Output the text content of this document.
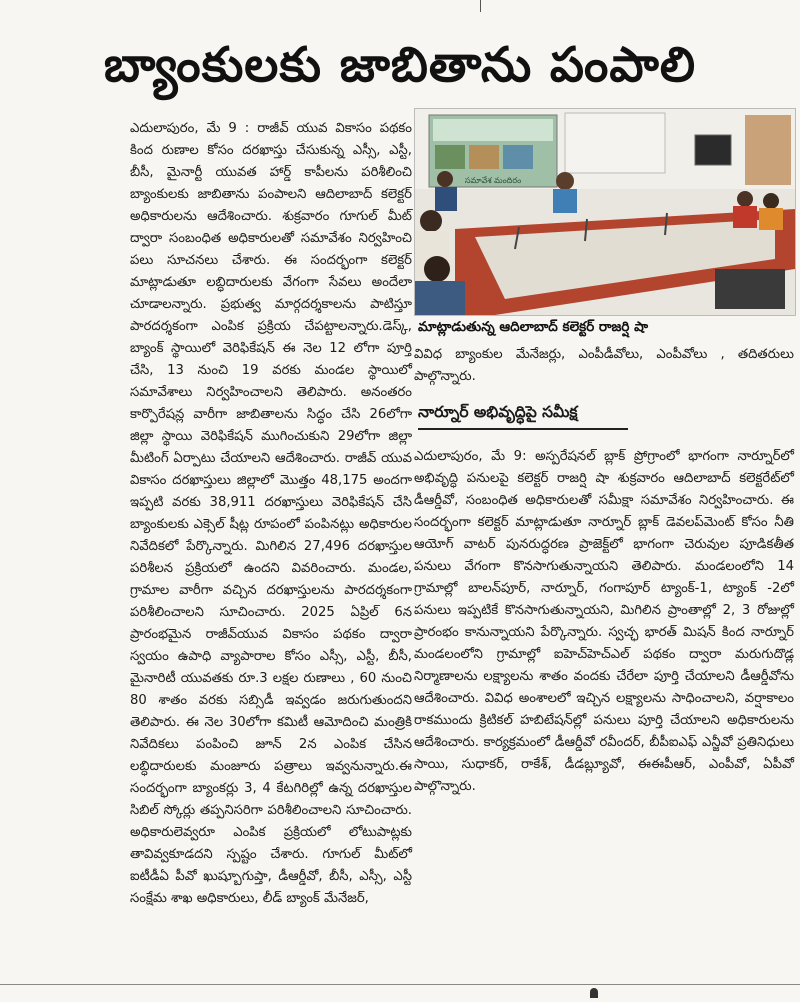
బ్యాంకులకు జాబితాను పంపాలి

ఎదులాపురం, మే 9 : రాజీవ్ యువ వికాసం పథకం కింద రుణాల కోసం దరఖాస్తు చేసుకున్న ఎస్సీ, ఎస్టీ, బీసీ, మైనార్టీ యువత హార్డ్ కాపీలను పరిశీలించి బ్యాంకులకు జాబితాను పంపాలని ఆదిలాబాద్ కలెక్టర్ అధికారులను ఆదేశించారు. శుక్రవారం గూగుల్ మీట్ ద్వారా సంబంధిత అధికారులతో సమావేశం నిర్వహించి పలు సూచనలు చేశారు. ఈ సందర్భంగా కలెక్టర్ మాట్లాడుతూ లబ్ధిదారులకు వేగంగా సేవలు అందేలా చూడాలన్నారు. ప్రభుత్వ మార్గదర్శకాలను పాటిస్తూ పారదర్శకంగా ఎంపిక ప్రక్రియ చేపట్టాలన్నారు.డెస్క్, బ్యాంక్ స్థాయిలో వెరిఫికేషన్ ఈ నెల 12 లోగా పూర్తి చేసి, 13 నుంచి 19 వరకు మండల స్థాయిలో సమావేశాలు నిర్వహించాలని తెలిపారు. అనంతరం కార్పొరేషన్ల వారీగా జాబితాలను సిద్ధం చేసి 26లోగా జిల్లా స్థాయి వెరిఫికేషన్ ముగించుకుని 29లోగా జిల్లా మీటింగ్ ఏర్పాటు చేయాలని ఆదేశించారు. రాజీవ్ యువ వికాసం దరఖాస్తులు జిల్లాలో మొత్తం 48,175 అందగా ఇప్పటి వరకు 38,911 దరఖాస్తులు వెరిఫికేషన్ చేసి బ్యాంకులకు ఎక్సెల్ షీట్ల రూపంలో పంపినట్లు అధికారుల నివేదికలో పేర్కొన్నారు. మిగిలిన 27,496 దరఖాస్తుల పరిశీలన ప్రక్రియలో ఉందని వివరించారు. మండల, గ్రామాల వారీగా వచ్చిన దరఖాస్తులను పారదర్శకంగా పరిశీలించాలని సూచించారు. 2025 ఏప్రిల్ 6న ప్రారంభమైన రాజీవ్‌యువ వికాసం పథకం ద్వారా స్వయం ఉపాధి వ్యాపారాల కోసం ఎస్సీ, ఎస్టీ, బీసీ, మైనారిటీ యువతకు రూ.3 లక్షల రుణాలు , 60 నుంచి 80 శాతం వరకు సబ్సిడీ ఇవ్వడం జరుగుతుందని తెలిపారు. ఈ నెల 30లోగా కమిటీ ఆమోదించి మంత్రికి నివేదికలు పంపించి జూన్ 2న ఎంపిక చేసిన లబ్ధిదారులకు మంజూరు పత్రాలు ఇవ్వనున్నారు.ఈ సందర్భంగా బ్యాంకర్లు 3, 4 కేటగిరిల్లో ఉన్న దరఖాస్తుల సిబిల్ స్కోర్లు తప్పనిసరిగా పరిశీలించాలని సూచించారు. అధికారులెవ్వరూ ఎంపిక ప్రక్రియలో లోటుపాట్లకు తావివ్వకూడదని స్పష్టం చేశారు. గూగుల్ మీట్‌లో ఐటీడీఏ పీవో ఖుష్బూగుప్తా, డీఆర్డీవో, బీసీ, ఎస్సీ, ఎస్టీ సంక్షేమ శాఖ అధికారులు, లీడ్ బ్యాంక్ మేనేజర్,

సమావేశ మందిరం
మాట్లాడుతున్న ఆదిలాబాద్ కలెక్టర్ రాజర్షి షా

వివిధ బ్యాంకుల మేనేజర్లు, ఎంపీడీవోలు, ఎంపీవోలు , తదితరులు పాల్గొన్నారు.

నార్నూర్ అభివృద్ధిపై సమీక్ష

ఎదులాపురం, మే 9: అస్పరేషనల్ బ్లాక్ ప్రోగ్రాంలో భాగంగా నార్నూర్‌లో అభివృద్ధి పనులపై కలెక్టర్ రాజర్షి షా శుక్రవారం ఆదిలాబాద్ కలెక్టరేట్‌లో డీఆర్డీవో, సంబంధిత అధికారులతో సమీక్షా సమావేశం నిర్వహించారు. ఈ సందర్భంగా కలెక్టర్ మాట్లాడుతూ నార్నూర్ బ్లాక్ డెవలప్‌మెంట్ కోసం నీతి ఆయోగ్ వాటర్ పునరుద్ధరణ ప్రాజెక్ట్‌లో భాగంగా చెరువుల పూడికతీత పనులు వేగంగా కొనసాగుతున్నాయని తెలిపారు. మండలంలోని 14 గ్రామాల్లో బాలన్‌పూర్, నార్నూర్, గంగాపూర్ ట్యాంక్-1, ట్యాంక్ -2లో పనులు ఇప్పటికే కొనసాగుతున్నాయని, మిగిలిన ప్రాంతాల్లో 2, 3 రోజుల్లో ప్రారంభం కానున్నాయని పేర్కొన్నారు. స్వచ్ఛ భారత్ మిషన్ కింద నార్నూర్ మండలంలోని గ్రామాల్లో ఐహెచ్‌హెచ్‌ఎల్ పథకం ద్వారా మరుగుదొడ్ల నిర్మాణాలను లక్ష్యాలను శాతం వందకు చేరేలా పూర్తి చేయాలని డీఆర్డీవోను ఆదేశించారు. వివిధ అంశాలలో ఇచ్చిన లక్ష్యాలను సాధించాలని, వర్షాకాలం రాకముందు క్రిటికల్ హబిటేషన్‌ల్లో పనులు పూర్తి చేయాలని అధికారులను ఆదేశించారు. కార్యక్రమంలో డీఆర్డీవో రవీందర్, బీపీఐఎఫ్ ఎన్జీవో ప్రతినిధులు సాయి, సుధాకర్, రాకేశ్, డీడబ్ల్యూవో, ఈఈపీఆర్, ఎంపీవో, ఏపీవో పాల్గొన్నారు.
